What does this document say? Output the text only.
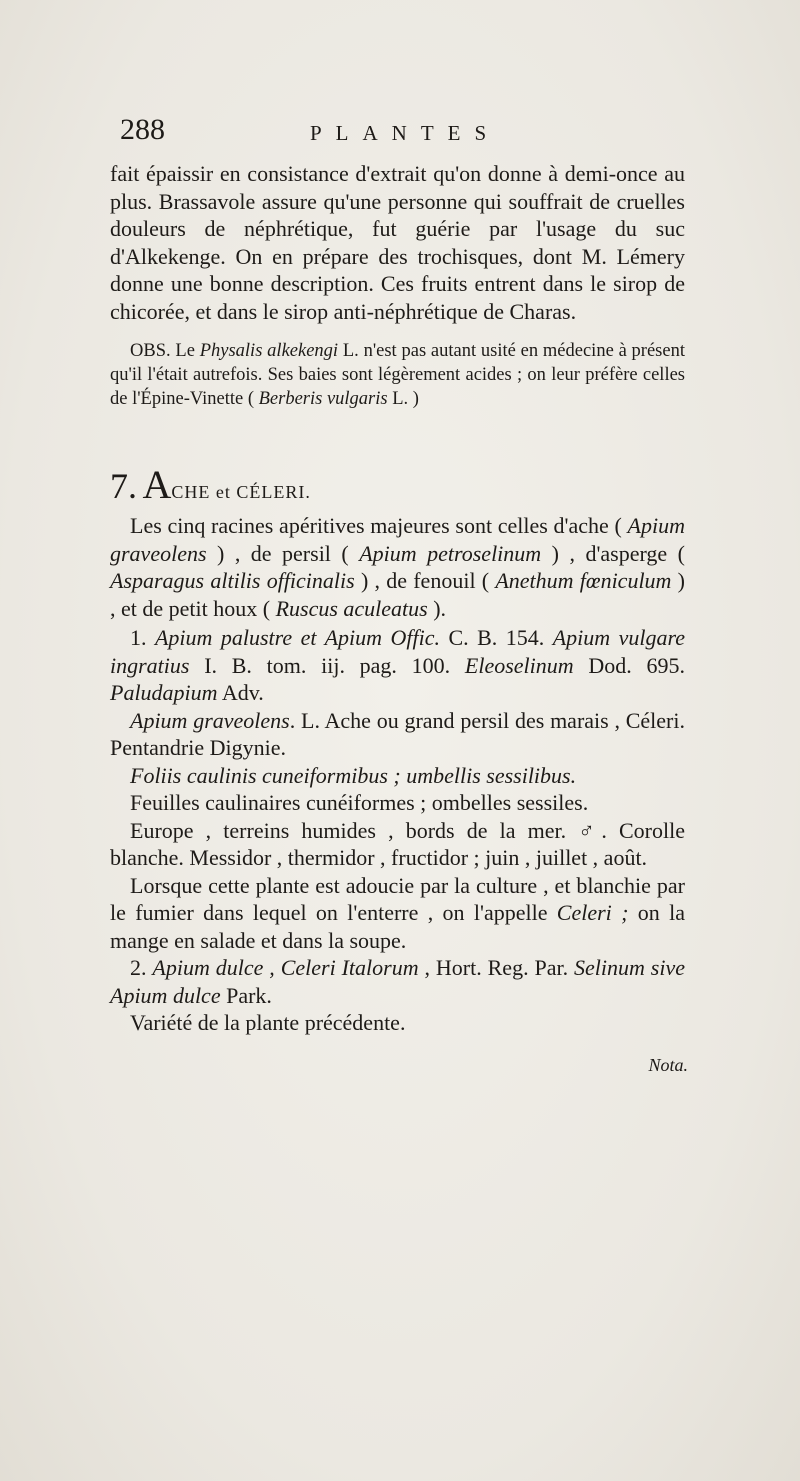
288	PLANTES

fait épaissir en consistance d'extrait qu'on donne à demi-once au plus. Brassavole assure qu'une personne qui souffrait de cruelles douleurs de néphrétique, fut guérie par l'usage du suc d'Alkekenge. On en prépare des trochisques, dont M. Lémery donne une bonne description. Ces fruits entrent dans le sirop de chicorée, et dans le sirop anti-néphrétique de Charas.

OBS. Le Physalis alkekengi L. n'est pas autant usité en médecine à présent qu'il l'était autrefois. Ses baies sont légèrement acides ; on leur préfère celles de l'Épine-Vinette ( Berberis vulgaris L. )

7. ACHE et CÉLERI.

Les cinq racines apéritives majeures sont celles d'ache ( Apium graveolens ) , de persil ( Apium petroselinum ) , d'asperge ( Asparagus altilis officinalis ) , de fenouil ( Anethum fœniculum ) , et de petit houx ( Ruscus aculeatus ).

1. Apium palustre et Apium Offic. C. B. 154. Apium vulgare ingratius I. B. tom. iij. pag. 100. Eleoselinum Dod. 695. Paludapium Adv.

Apium graveolens. L. Ache ou grand persil des marais , Céleri. Pentandrie Digynie.

Foliis caulinis cuneiformibus ; umbellis sessilibus.

Feuilles caulinaires cunéiformes ; ombelles sessiles.

Europe , terreins humides , bords de la mer. ♂. Corolle blanche. Messidor , thermidor , fructidor ; juin , juillet , août.

Lorsque cette plante est adoucie par la culture , et blanchie par le fumier dans lequel on l'enterre , on l'appelle Celeri ; on la mange en salade et dans la soupe.

2. Apium dulce , Celeri Italorum , Hort. Reg. Par. Selinum sive Apium dulce Park.

Variété de la plante précédente.

Nota.
